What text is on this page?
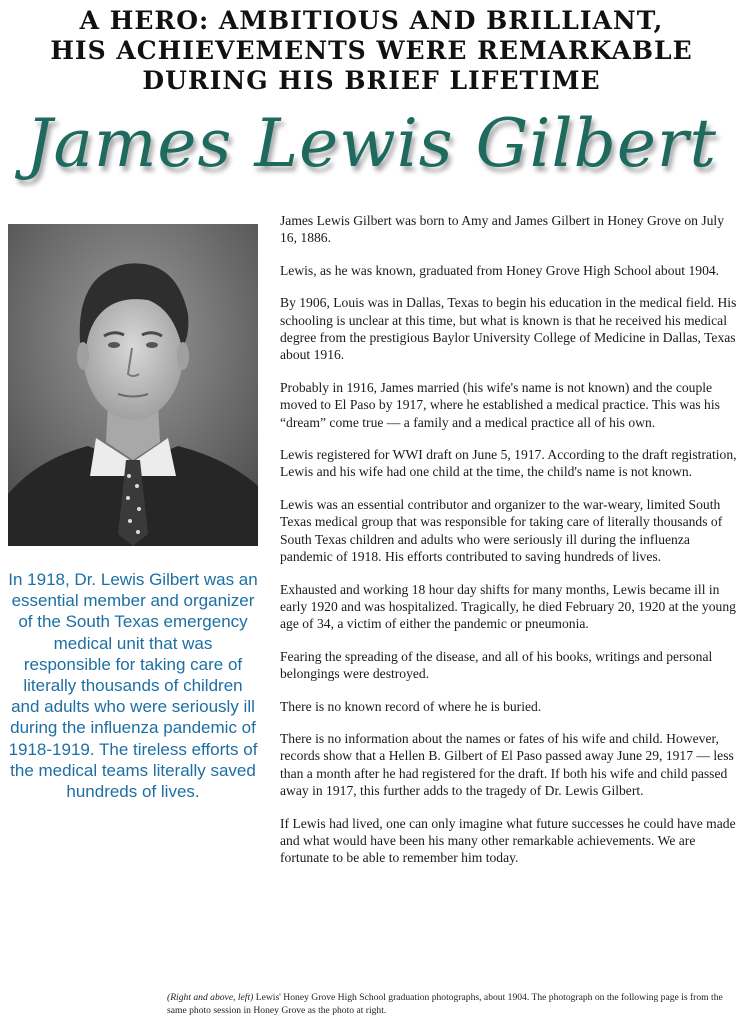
A HERO: AMBITIOUS AND BRILLIANT,
HIS ACHIEVEMENTS WERE REMARKABLE
DURING HIS BRIEF LIFETIME
James Lewis Gilbert
In 1918, Dr. Lewis Gilbert was an essential member and organizer of the South Texas emergency medical unit that was responsible for taking care of literally thousands of children and adults who were seriously ill during the influenza pandemic of 1918-1919. The tireless efforts of the medical teams literally saved hundreds of lives.

James Lewis Gilbert was born to Amy and James Gilbert in Honey Grove on July 16, 1886.

Lewis, as he was known, graduated from Honey Grove High School about 1904.

By 1906, Louis was in Dallas, Texas to begin his education in the medical field. His schooling is unclear at this time, but what is known is that he received his medical degree from the prestigious Baylor University College of Medicine in Dallas, Texas about 1916.

Probably in 1916, James married (his wife's name is not known) and the couple moved to El Paso by 1917, where he established a medical practice. This was his “dream” come true — a family and a medical practice all of his own.

Lewis registered for WWI draft on June 5, 1917. According to the draft registration, Lewis and his wife had one child at the time, the child's name is not known.

Lewis was an essential contributor and organizer to the war-weary, limited South Texas medical group that was responsible for taking care of literally thousands of South Texas children and adults who were seriously ill during the influenza pandemic of 1918. His efforts contributed to saving hundreds of lives.

Exhausted and working 18 hour day shifts for many months, Lewis became ill in early 1920 and was hospitalized. Tragically, he died February 20, 1920 at the young age of 34, a victim of either the pandemic or pneumonia.

Fearing the spreading of the disease, and all of his books, writings and personal belongings were destroyed.

There is no known record of where he is buried.

There is no information about the names or fates of his wife and child. However, records show that a Hellen B. Gilbert of El Paso passed away June 29, 1917 — less than a month after he had registered for the draft. If both his wife and child passed away in 1917, this further adds to the tragedy of Dr. Lewis Gilbert.

If Lewis had lived, one can only imagine what future successes he could have made and what would have been his many other remarkable achievements. We are fortunate to be able to remember him today.

(Right and above, left) Lewis' Honey Grove High School graduation photographs, about 1904. The photograph on the following page is from the same photo session in Honey Grove as the photo at right.
